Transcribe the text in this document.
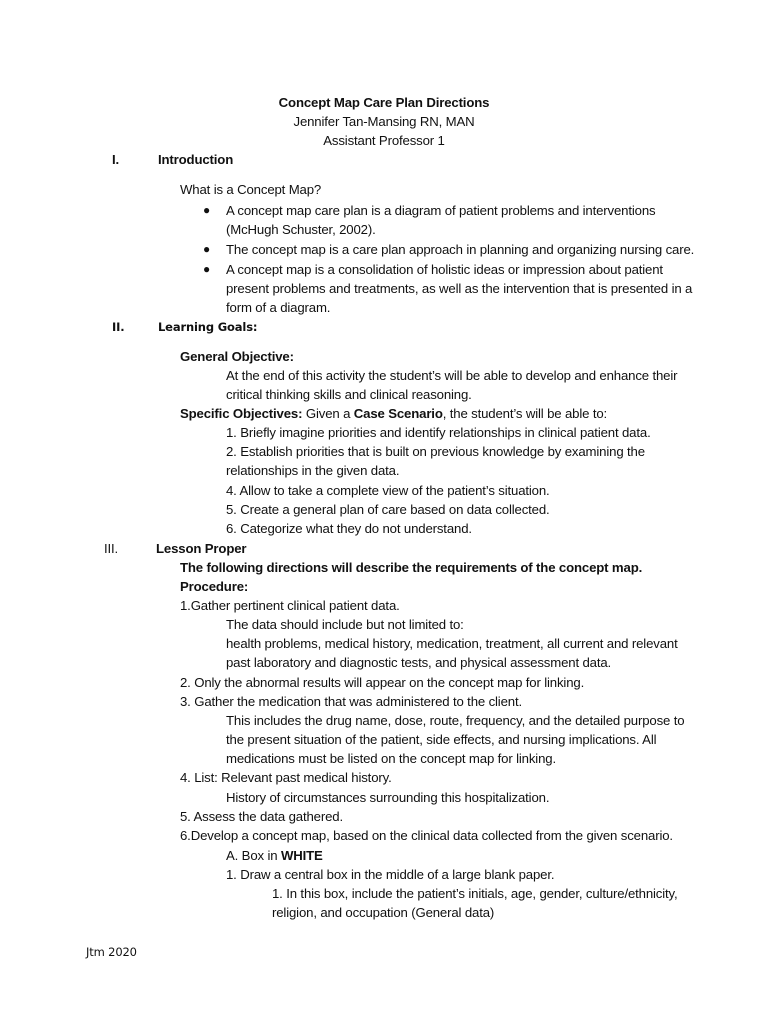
Concept Map Care Plan Directions
Jennifer Tan-Mansing RN, MAN
Assistant Professor 1
I.	Introduction
What is a Concept Map?
● A concept map care plan is a diagram of patient problems and interventions
(McHugh Schuster, 2002).
● The concept map is a care plan approach in planning and organizing nursing care.
● A concept map is a consolidation of holistic ideas or impression about patient
present problems and treatments, as well as the intervention that is presented in a
form of a diagram.
II.	Learning Goals:
General Objective:
At the end of this activity the student’s will be able to develop and enhance their
critical thinking skills and clinical reasoning.
Specific Objectives: Given a Case Scenario, the student’s will be able to:
1. Briefly imagine priorities and identify relationships in clinical patient data.
2. Establish priorities that is built on previous knowledge by examining the
relationships in the given data.
4. Allow to take a complete view of the patient’s situation.
5. Create a general plan of care based on data collected.
6. Categorize what they do not understand.
III.	Lesson Proper
The following directions will describe the requirements of the concept map.
Procedure:
1.Gather pertinent clinical patient data.
The data should include but not limited to:
health problems, medical history, medication, treatment, all current and relevant
past laboratory and diagnostic tests, and physical assessment data.
2. Only the abnormal results will appear on the concept map for linking.
3. Gather the medication that was administered to the client.
This includes the drug name, dose, route, frequency, and the detailed purpose to
the present situation of the patient, side effects, and nursing implications. All
medications must be listed on the concept map for linking.
4. List: Relevant past medical history.
History of circumstances surrounding this hospitalization.
5. Assess the data gathered.
6.Develop a concept map, based on the clinical data collected from the given scenario.
A. Box in WHITE
1. Draw a central box in the middle of a large blank paper.
1. In this box, include the patient’s initials, age, gender, culture/ethnicity,
religion, and occupation (General data)
Jtm 2020
